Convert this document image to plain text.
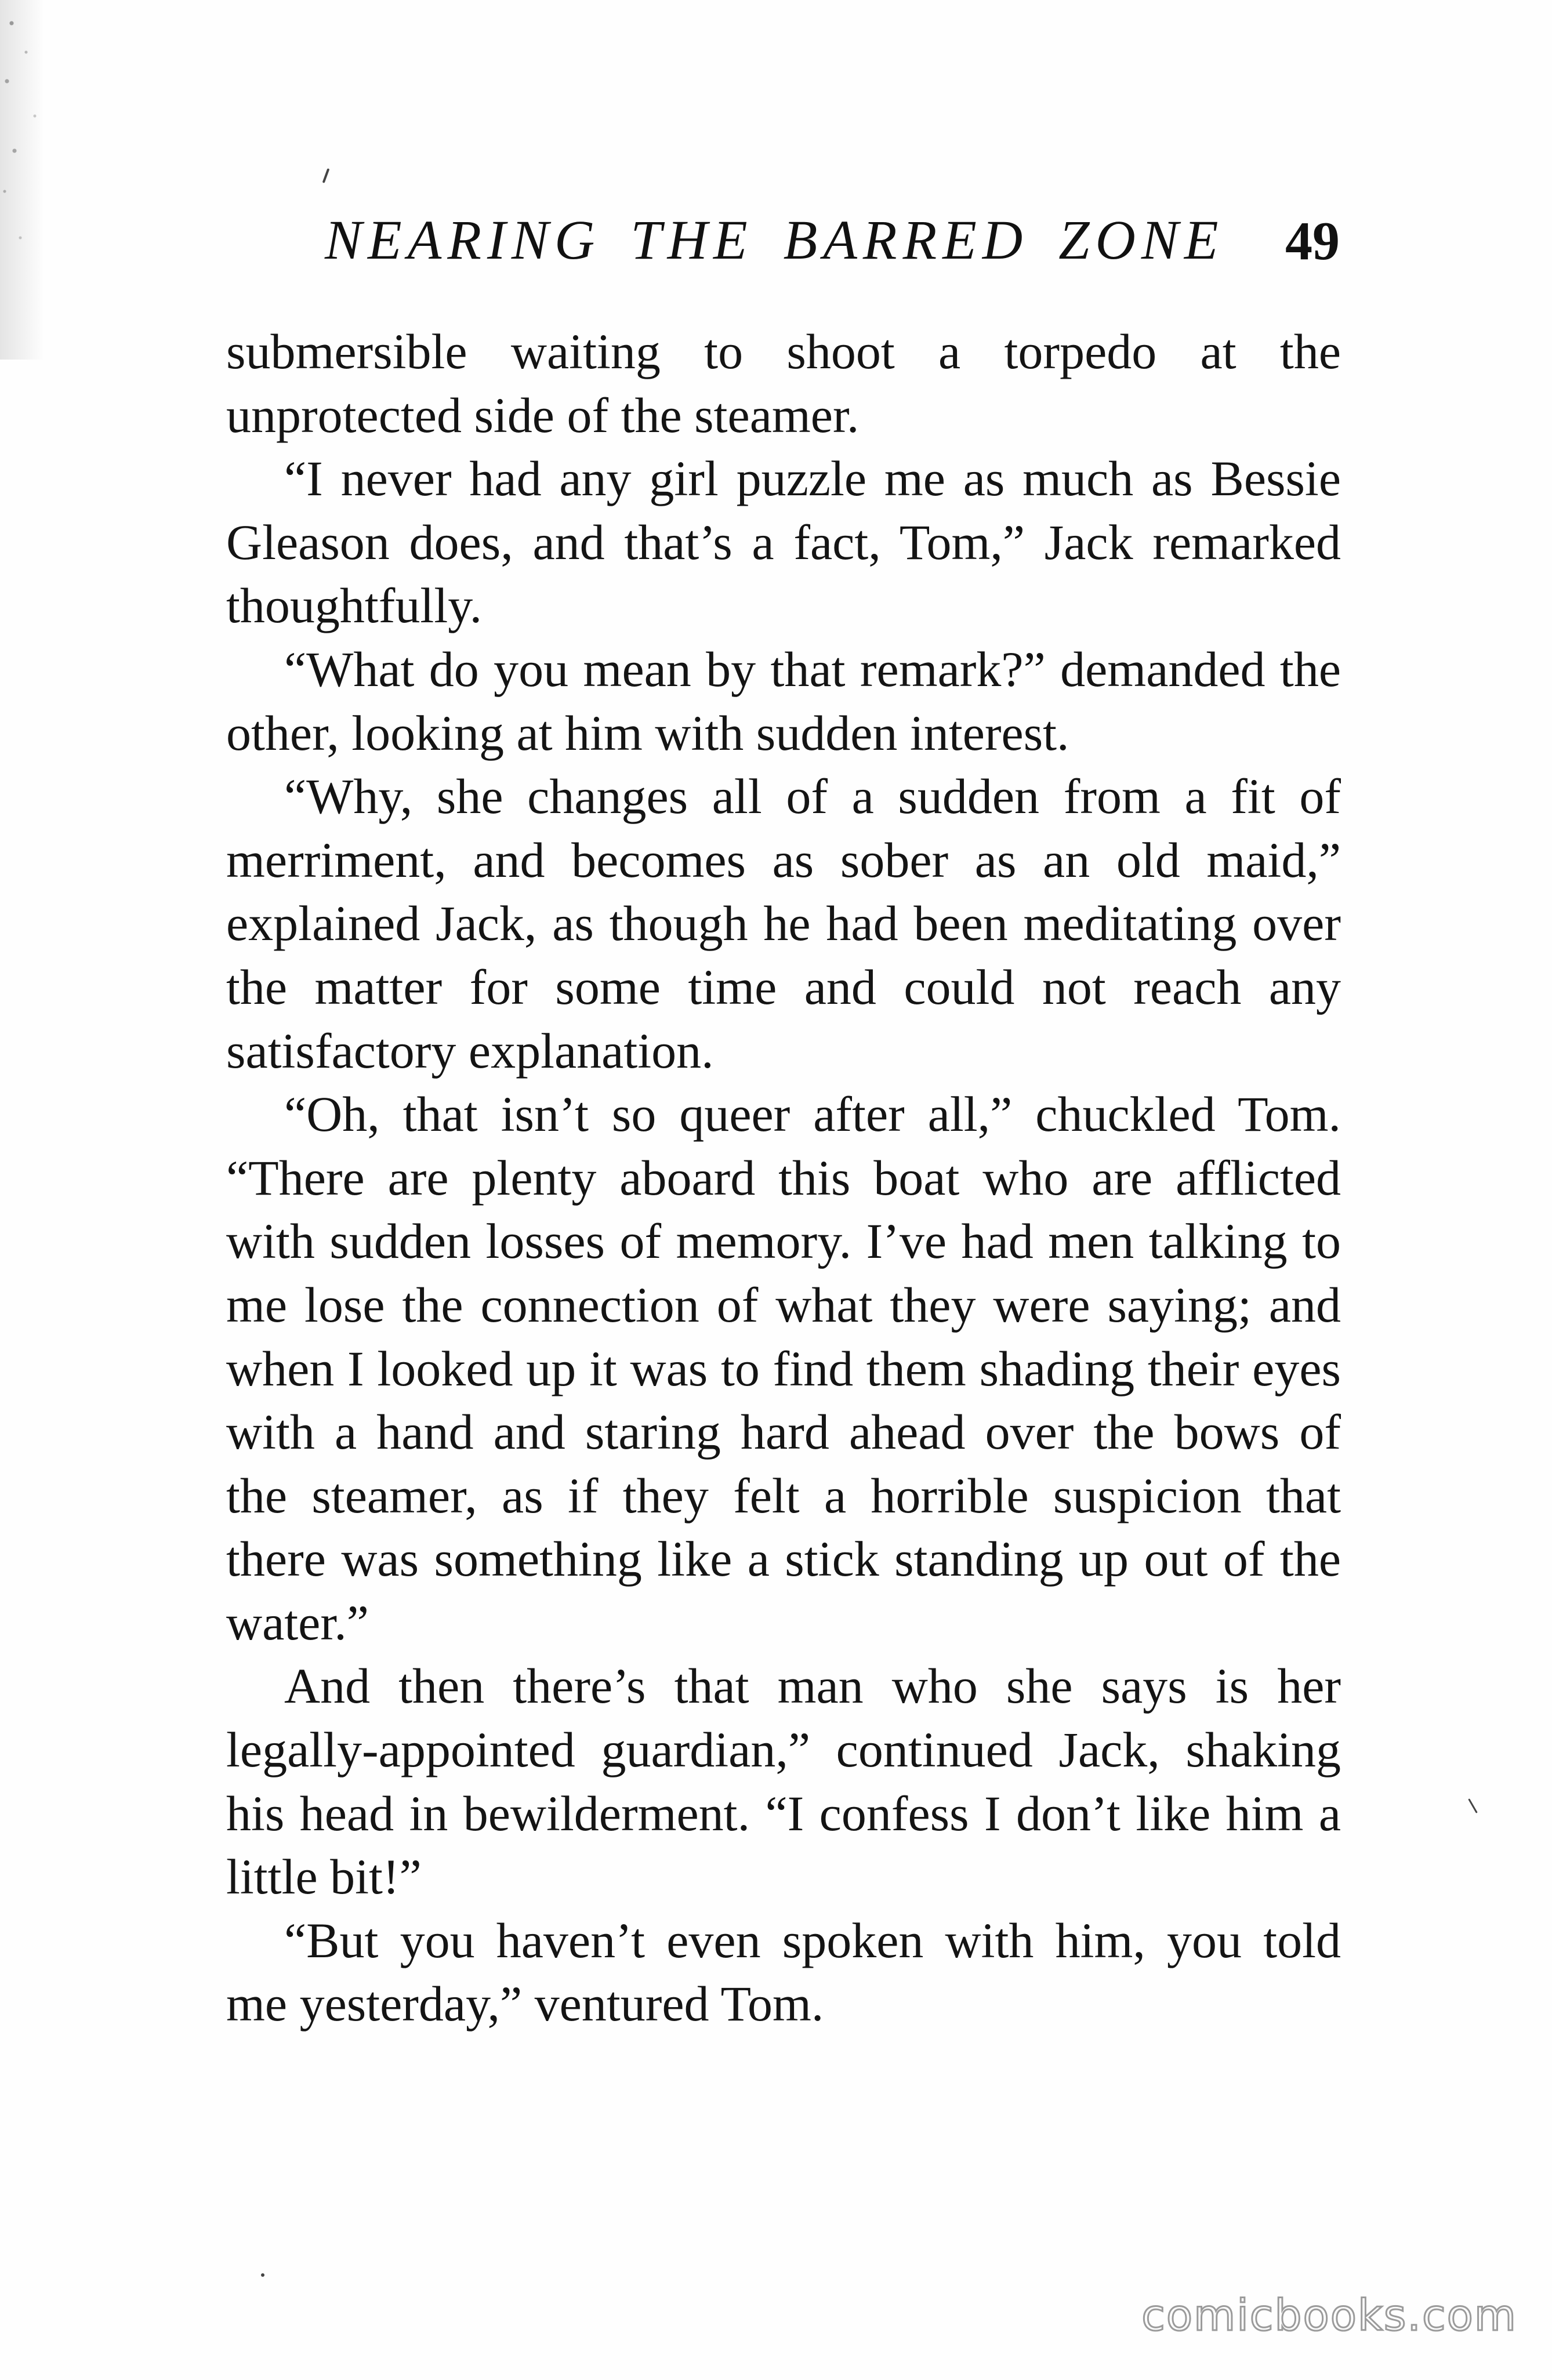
NEARING THE BARRED ZONE 49

submersible waiting to shoot a torpedo at the unprotected side of the steamer.

“I never had any girl puzzle me as much as Bessie Gleason does, and that’s a fact, Tom,” Jack remarked thoughtfully.

“What do you mean by that remark?” demanded the other, looking at him with sudden interest.

“Why, she changes all of a sudden from a fit of merriment, and becomes as sober as an old maid,” explained Jack, as though he had been meditating over the matter for some time and could not reach any satisfactory explanation.

“Oh, that isn’t so queer after all,” chuckled Tom. “There are plenty aboard this boat who are afflicted with sudden losses of memory. I’ve had men talking to me lose the connection of what they were saying; and when I looked up it was to find them shading their eyes with a hand and staring hard ahead over the bows of the steamer, as if they felt a horrible suspicion that there was something like a stick standing up out of the water.”

And then there’s that man who she says is her legally-appointed guardian,” continued Jack, shaking his head in bewilderment. “I confess I don’t like him a little bit!”

“But you haven’t even spoken with him, you told me yesterday,” ventured Tom.

comicbooks.com
